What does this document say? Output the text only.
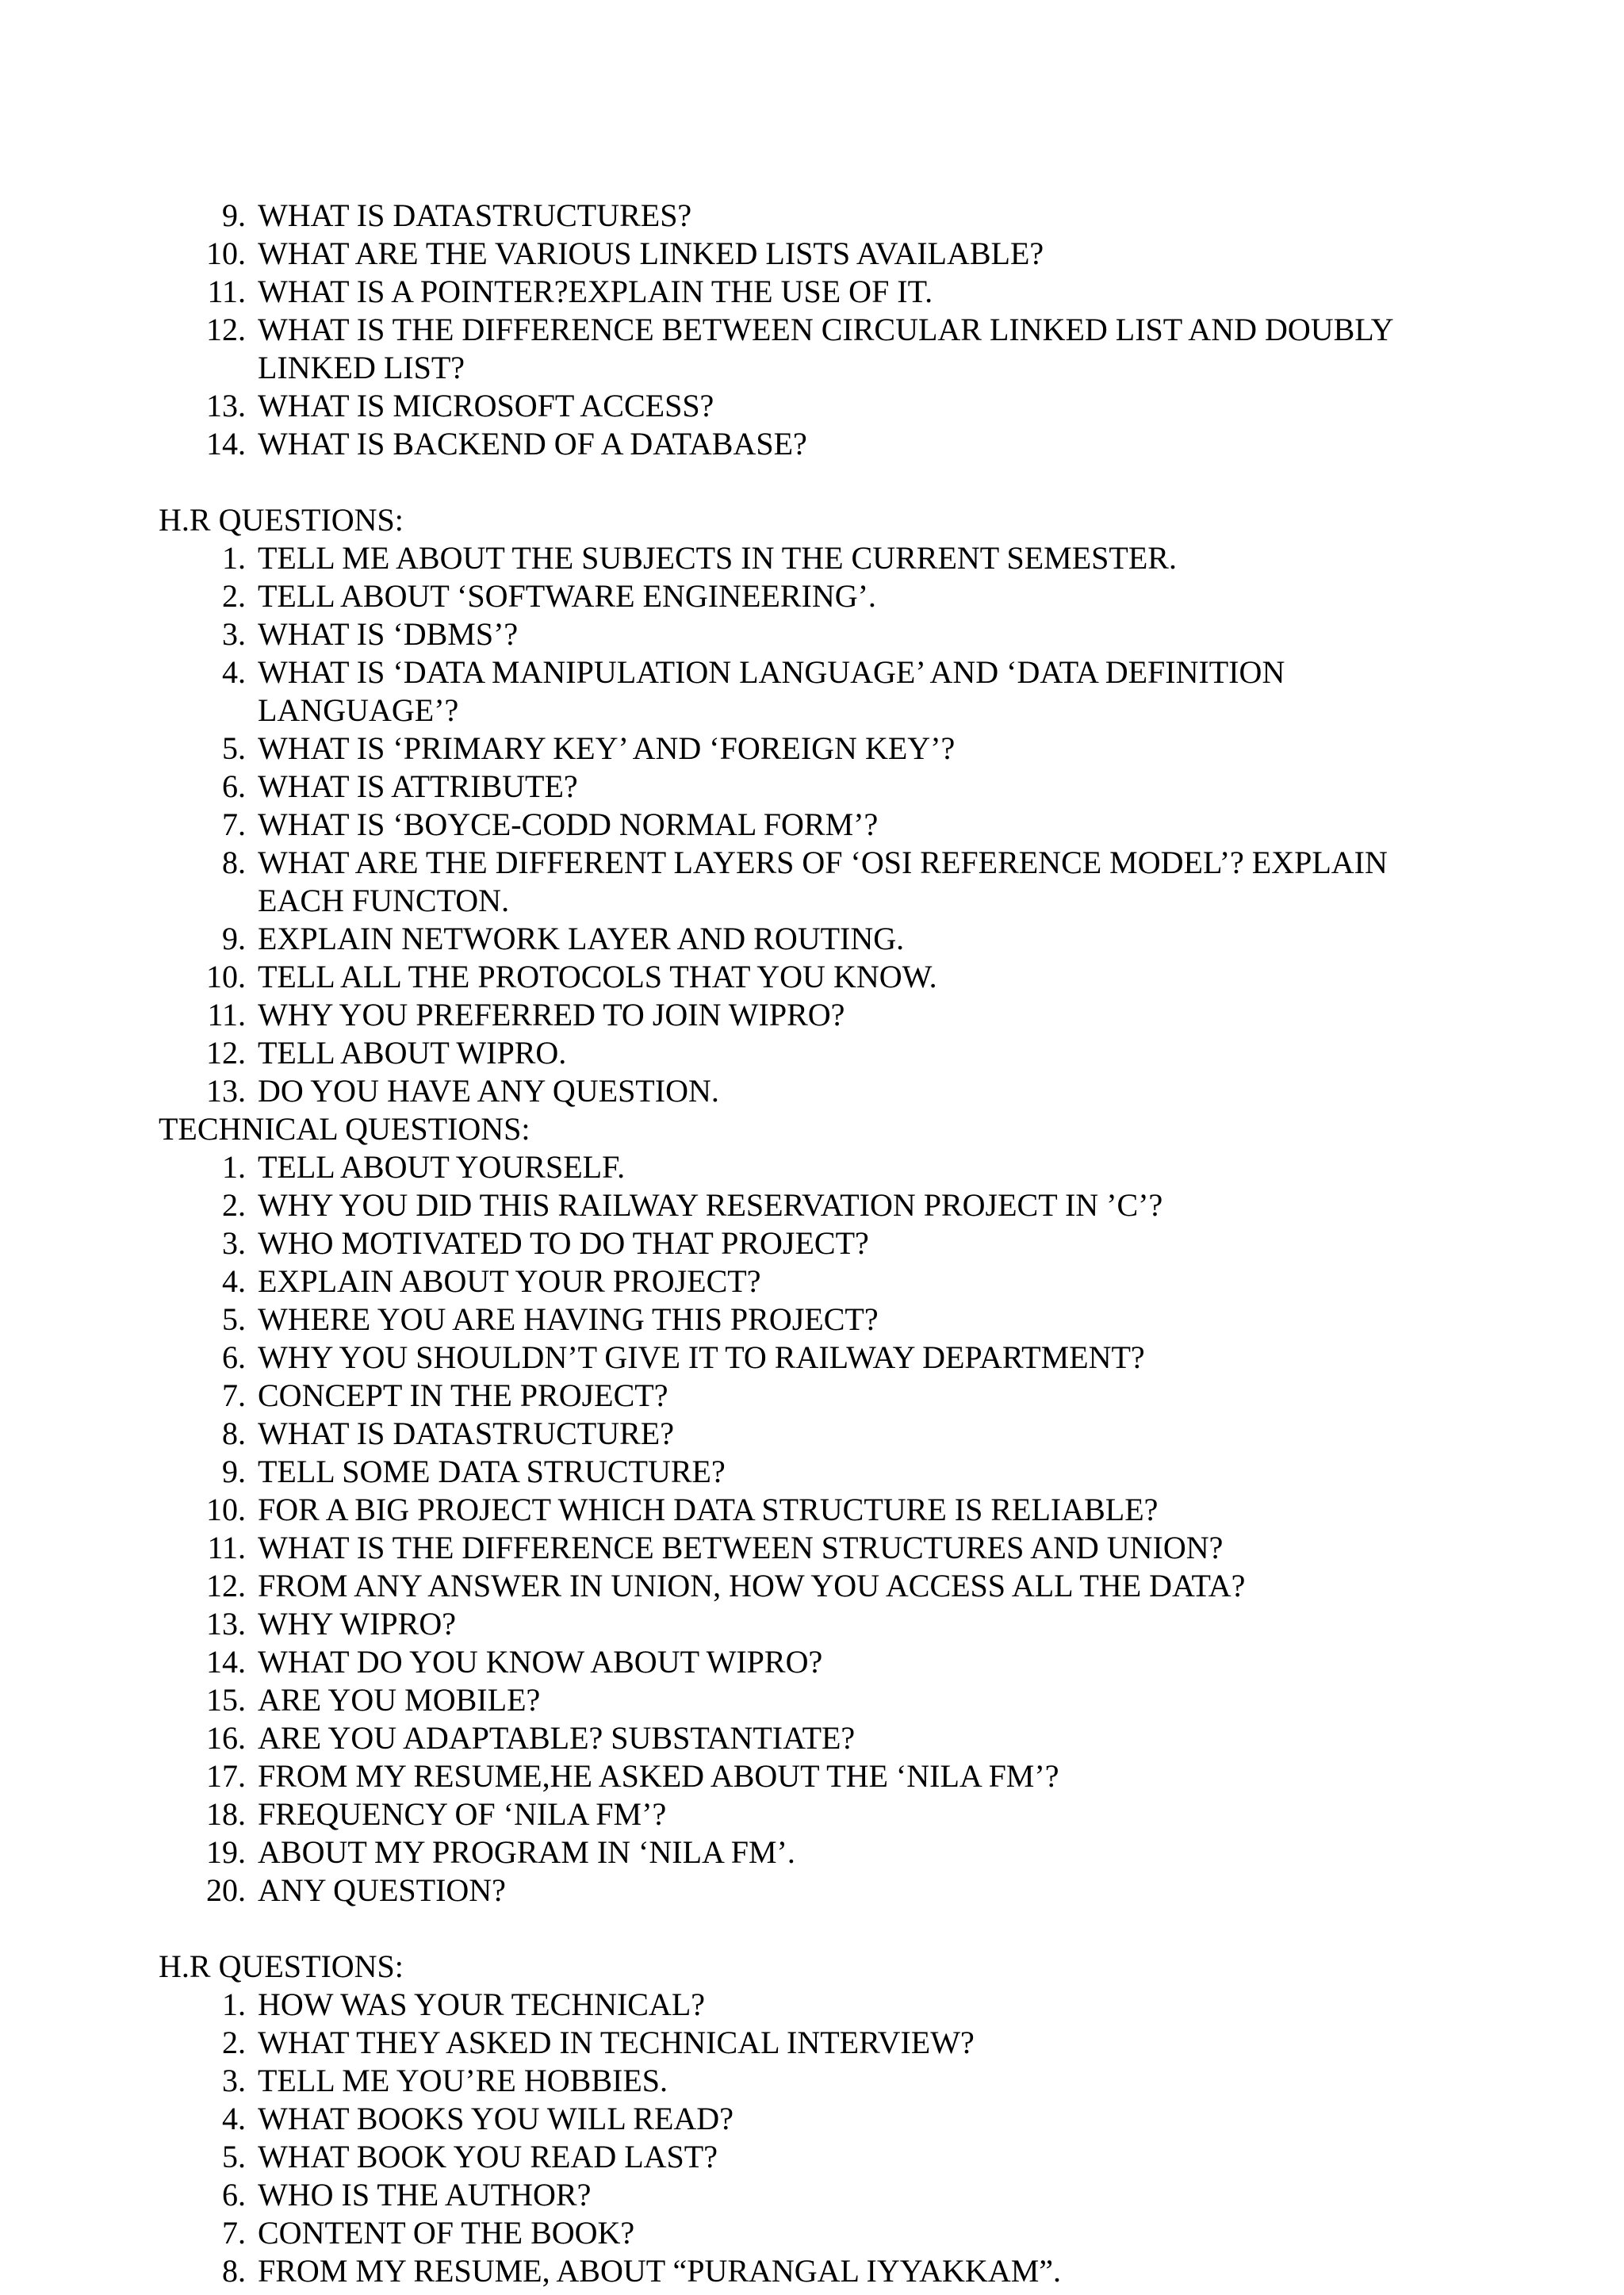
9. WHAT IS DATASTRUCTURES?
10. WHAT ARE THE VARIOUS LINKED LISTS AVAILABLE?
11. WHAT IS A POINTER?EXPLAIN THE USE OF IT.
12. WHAT IS THE DIFFERENCE BETWEEN CIRCULAR LINKED LIST AND DOUBLY LINKED LIST?
13. WHAT IS MICROSOFT ACCESS?
14. WHAT IS BACKEND OF A DATABASE?
H.R QUESTIONS:
1. TELL ME ABOUT THE SUBJECTS IN THE CURRENT SEMESTER.
2. TELL ABOUT ‘SOFTWARE ENGINEERING’.
3. WHAT IS ‘DBMS’?
4. WHAT IS ‘DATA MANIPULATION LANGUAGE’ AND ‘DATA DEFINITION LANGUAGE’?
5. WHAT IS ‘PRIMARY KEY’ AND ‘FOREIGN KEY’?
6. WHAT IS ATTRIBUTE?
7. WHAT IS ‘BOYCE-CODD NORMAL FORM’?
8. WHAT ARE THE DIFFERENT LAYERS OF ‘OSI REFERENCE MODEL’? EXPLAIN EACH FUNCTON.
9. EXPLAIN NETWORK LAYER AND ROUTING.
10. TELL ALL THE PROTOCOLS THAT YOU KNOW.
11. WHY YOU PREFERRED TO JOIN WIPRO?
12. TELL ABOUT WIPRO.
13. DO YOU HAVE ANY QUESTION.
TECHNICAL QUESTIONS:
1. TELL ABOUT YOURSELF.
2. WHY YOU DID THIS RAILWAY RESERVATION PROJECT IN ’C’?
3. WHO MOTIVATED TO DO THAT PROJECT?
4. EXPLAIN ABOUT YOUR PROJECT?
5. WHERE YOU ARE HAVING THIS PROJECT?
6. WHY YOU SHOULDN’T GIVE IT TO RAILWAY DEPARTMENT?
7. CONCEPT IN THE PROJECT?
8. WHAT IS DATASTRUCTURE?
9. TELL SOME DATA STRUCTURE?
10. FOR A BIG PROJECT WHICH DATA STRUCTURE IS RELIABLE?
11. WHAT IS THE DIFFERENCE BETWEEN STRUCTURES AND UNION?
12. FROM ANY ANSWER IN UNION, HOW YOU ACCESS ALL THE DATA?
13. WHY WIPRO?
14. WHAT DO YOU KNOW ABOUT WIPRO?
15. ARE YOU MOBILE?
16. ARE YOU ADAPTABLE? SUBSTANTIATE?
17. FROM MY RESUME,HE ASKED ABOUT THE ‘NILA FM’?
18. FREQUENCY OF ‘NILA FM’?
19. ABOUT MY PROGRAM IN ‘NILA FM’.
20. ANY QUESTION?
H.R QUESTIONS:
1. HOW WAS YOUR TECHNICAL?
2. WHAT THEY ASKED IN TECHNICAL INTERVIEW?
3. TELL ME YOU’RE HOBBIES.
4. WHAT BOOKS YOU WILL READ?
5. WHAT BOOK YOU READ LAST?
6. WHO IS THE AUTHOR?
7. CONTENT OF THE BOOK?
8. FROM MY RESUME, ABOUT “PURANGAL IYYAKKAM”.
